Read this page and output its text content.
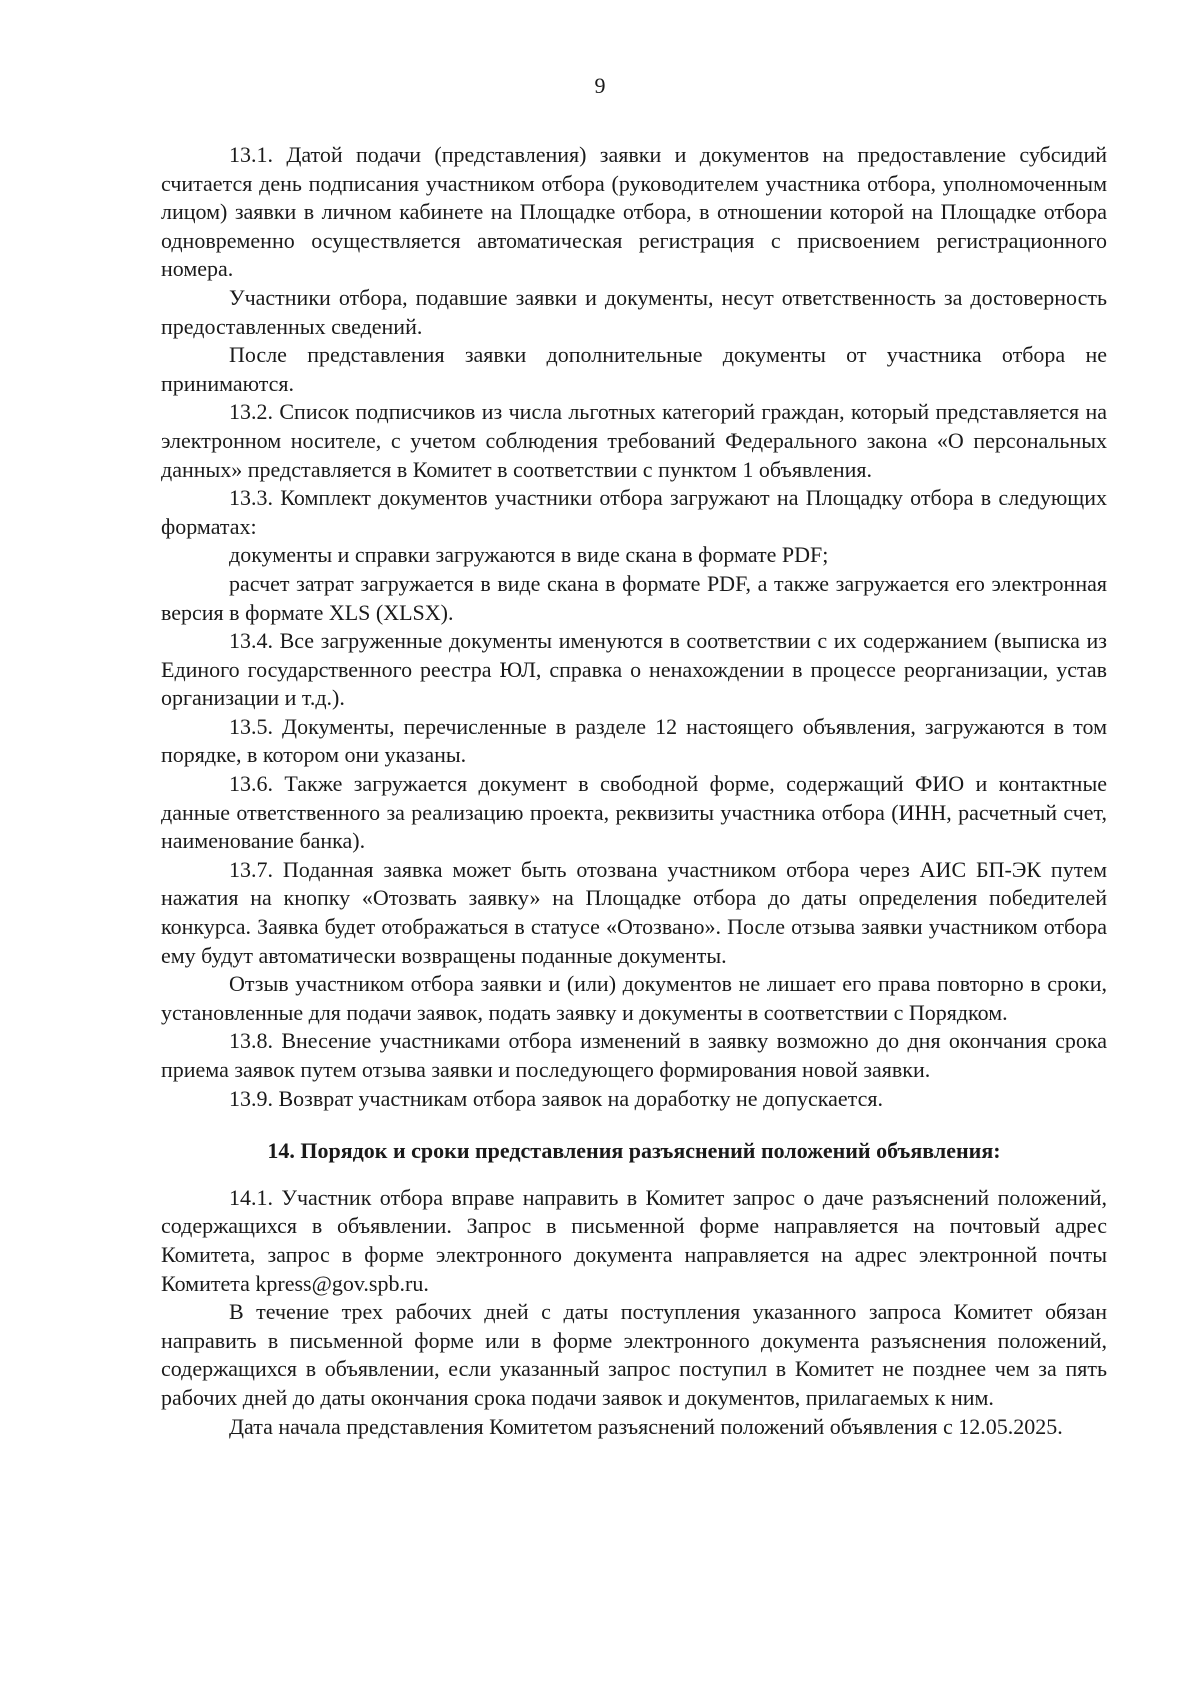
9

13.1. Датой подачи (представления) заявки и документов на предоставление субсидий считается день подписания участником отбора (руководителем участника отбора, уполномоченным лицом) заявки в личном кабинете на Площадке отбора, в отношении которой на Площадке отбора одновременно осуществляется автоматическая регистрация с присвоением регистрационного номера.

Участники отбора, подавшие заявки и документы, несут ответственность за достоверность предоставленных сведений.

После представления заявки дополнительные документы от участника отбора не принимаются.

13.2. Список подписчиков из числа льготных категорий граждан, который представляется на электронном носителе, с учетом соблюдения требований Федерального закона «О персональных данных» представляется в Комитет в соответствии с пунктом 1 объявления.

13.3. Комплект документов участники отбора загружают на Площадку отбора в следующих форматах:

документы и справки загружаются в виде скана в формате PDF;

расчет затрат загружается в виде скана в формате PDF, а также загружается его электронная версия в формате XLS (XLSX).

13.4. Все загруженные документы именуются в соответствии с их содержанием (выписка из Единого государственного реестра ЮЛ, справка о ненахождении в процессе реорганизации, устав организации и т.д.).

13.5. Документы, перечисленные в разделе 12 настоящего объявления, загружаются в том порядке, в котором они указаны.

13.6. Также загружается документ в свободной форме, содержащий ФИО и контактные данные ответственного за реализацию проекта, реквизиты участника отбора (ИНН, расчетный счет, наименование банка).

13.7. Поданная заявка может быть отозвана участником отбора через АИС БП-ЭК путем нажатия на кнопку «Отозвать заявку» на Площадке отбора до даты определения победителей конкурса. Заявка будет отображаться в статусе «Отозвано». После отзыва заявки участником отбора ему будут автоматически возвращены поданные документы.

Отзыв участником отбора заявки и (или) документов не лишает его права повторно в сроки, установленные для подачи заявок, подать заявку и документы в соответствии с Порядком.

13.8. Внесение участниками отбора изменений в заявку возможно до дня окончания срока приема заявок путем отзыва заявки и последующего формирования новой заявки.

13.9. Возврат участникам отбора заявок на доработку не допускается.

14. Порядок и сроки представления разъяснений положений объявления:

14.1. Участник отбора вправе направить в Комитет запрос о даче разъяснений положений, содержащихся в объявлении. Запрос в письменной форме направляется на почтовый адрес Комитета, запрос в форме электронного документа направляется на адрес электронной почты Комитета kpress@gov.spb.ru.

В течение трех рабочих дней с даты поступления указанного запроса Комитет обязан направить в письменной форме или в форме электронного документа разъяснения положений, содержащихся в объявлении, если указанный запрос поступил в Комитет не позднее чем за пять рабочих дней до даты окончания срока подачи заявок и документов, прилагаемых к ним.

Дата начала представления Комитетом разъяснений положений объявления с 12.05.2025.
